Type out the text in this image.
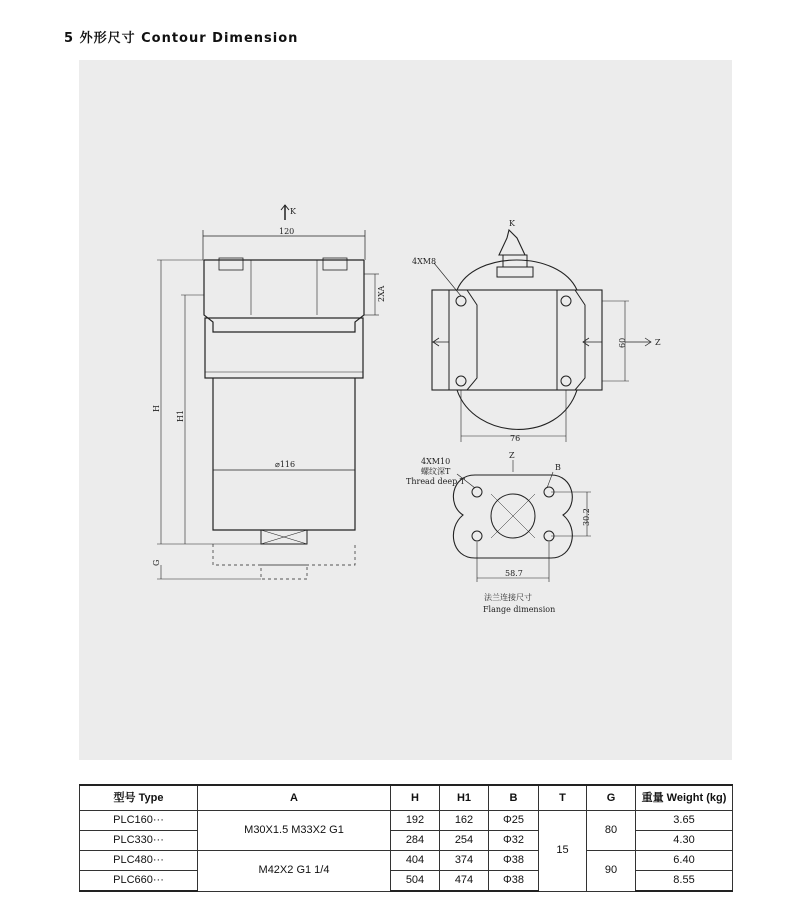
5 外形尺寸 Contour Dimension
120
K
2XA
H
H1
⌀116
G
K
4XM8
60	Z
76
Z
B
4XM10
螺纹深T
Thread deep T
30.2
58.7
法兰连接尺寸
Flange dimension
型号 Type	A	H	H1	B	T	G	重量 Weight (kg)
PLC160···	M30X1.5 M33X2 G1	192	162	Φ25	15	80	3.65
PLC330···		284	254	Φ32			4.30
PLC480···	M42X2 G1 1/4	404	374	Φ38		90	6.40
PLC660···		504	474	Φ38			8.55
